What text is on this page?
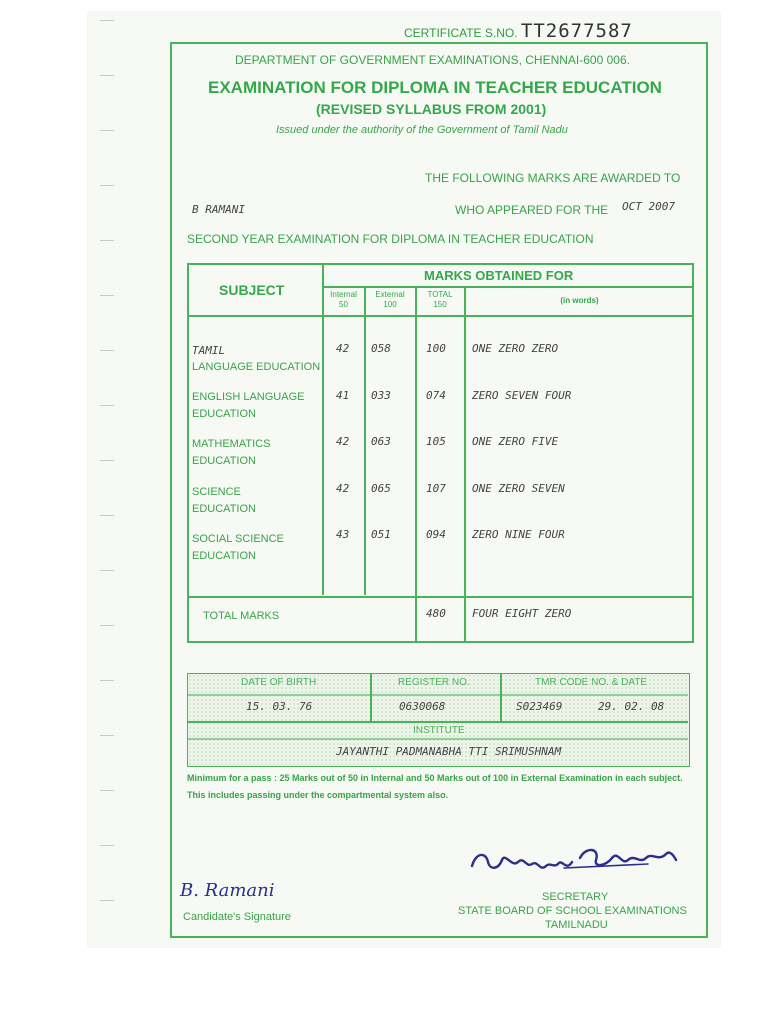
CERTIFICATE S.NO. TT2677587
DEPARTMENT OF GOVERNMENT EXAMINATIONS, CHENNAI-600 006.
EXAMINATION FOR DIPLOMA IN TEACHER EDUCATION
(REVISED SYLLABUS FROM 2001)
Issued under the authority of the Government of Tamil Nadu
THE FOLLOWING MARKS ARE AWARDED TO
B RAMANI	WHO APPEARED FOR THE OCT 2007
SECOND YEAR EXAMINATION FOR DIPLOMA IN TEACHER EDUCATION
SUBJECT
MARKS OBTAINED FOR
Internal
50
External
100
TOTAL
150	(in words)
TAMIL
LANGUAGE EDUCATION
42 058	100 ONE ZERO ZERO
ENGLISH LANGUAGE
EDUCATION
41 033	074 ZERO SEVEN FOUR
MATHEMATICS
EDUCATION
42 063	105 ONE ZERO FIVE
SCIENCE
EDUCATION
42 065	107 ONE ZERO SEVEN
SOCIAL SCIENCE
EDUCATION
43 051	094 ZERO NINE FOUR
TOTAL MARKS	480 FOUR EIGHT ZERO
DATE OF BIRTH	REGISTER NO.	TMR CODE NO. & DATE
15. 03. 76	0630068	S023469	29. 02. 08
INSTITUTE
JAYANTHI PADMANABHA TTI SRIMUSHNAM
Minimum for a pass : 25 Marks out of 50 in Internal and 50 Marks out of 100 in External Examination in each subject. This includes passing under the compartmental system also.
SECRETARY
STATE BOARD OF SCHOOL EXAMINATIONS
TAMILNADU
B. Ramani
Candidate's Signature
